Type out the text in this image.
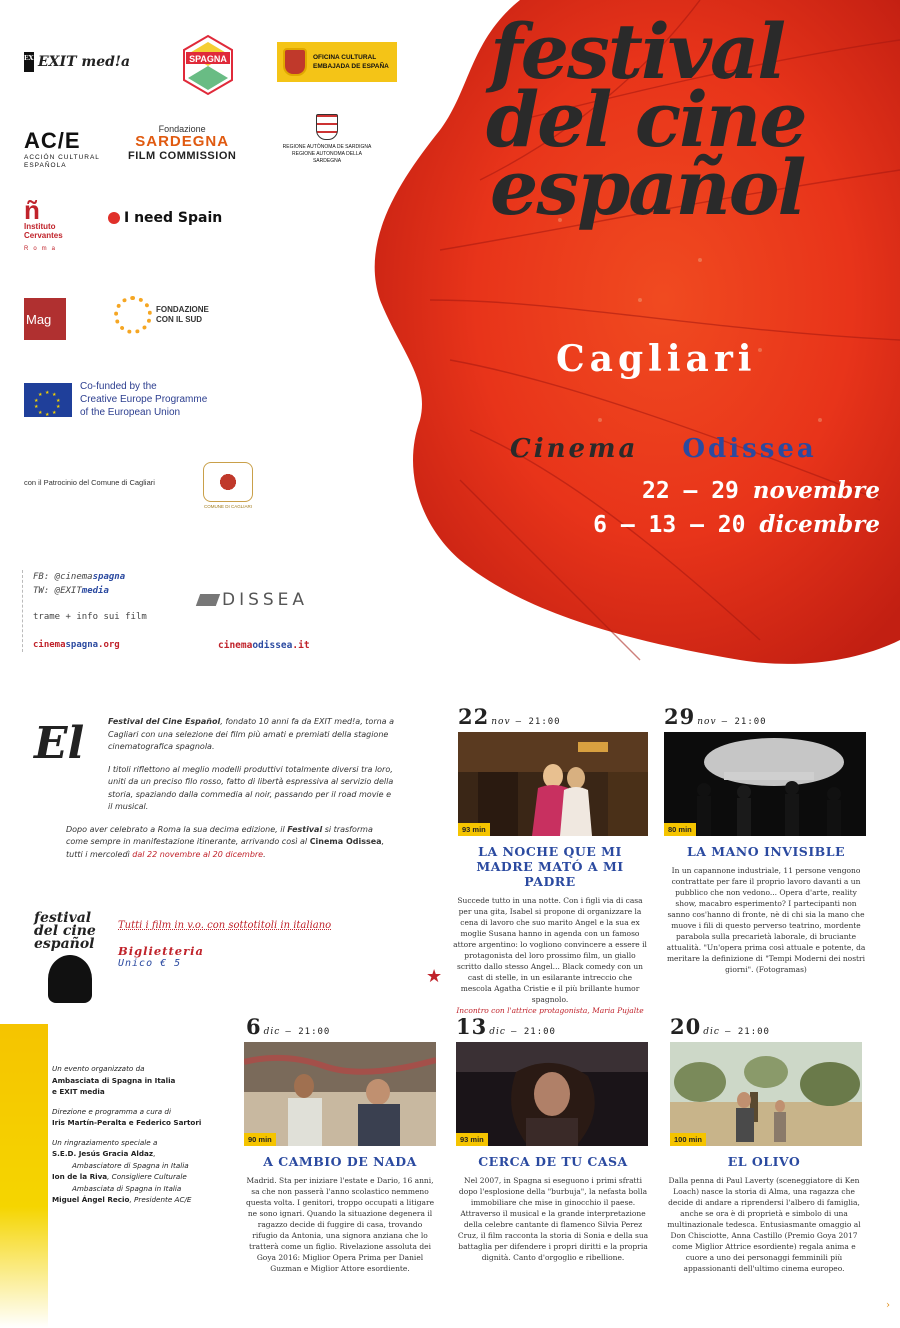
festival
del cine
español
Cagliari
Cinema Odissea
22 — 29 novembre
6 — 13 — 20 dicembre
EXIT
EXIT med!a	SPAGNA	OFICINA CULTURAL
EMBAJADA DE ESPAÑA
AC/E
ACCIÓN CULTURAL
ESPAÑOLA
Fondazione
SARDEGNA
FILM COMMISSION
REGIONE AUTÒNOMA DE SARDIGNA
REGIONE AUTONOMA DELLA SARDEGNA
ñ
Instituto
Cervantes
Roma
I need Spain
Mag
FONDAZIONE
CON IL SUD
★ ★
★
★
★
★
★
★
★
★
Co-funded by the
Creative Europe Programme
of the European Union
con il Patrocinio del Comune di Cagliari
COMUNE DI CAGLIARI
FB: @cinemaspagna
TW: @EXITmedia
trame + info sui film
cinemaspagna.org
DISSEA
cinemaodissea.it
El	Festival del Cine Español, fondato 10 anni fa da EXIT med!a, torna a Cagliari con una selezione dei film più amati e premiati della stagione cinematografica spagnola.

I titoli riflettono al meglio modelli produttivi totalmente diversi tra loro, uniti da un preciso filo rosso, fatto di libertà espressiva al servizio della storia, spaziando dalla commedia al noir, passando per il road movie e il musical.

Dopo aver celebrato a Roma la sua decima edizione, il Festival si trasforma come sempre in manifestazione itinerante, arrivando così al Cinema Odissea, tutti i mercoledì dal 22 novembre al 20 dicembre.

festival
del cine
español
Tutti i film in v.o. con sottotitoli in italiano
Biglietteria
Unico € 5
Un evento organizzato da
Ambasciata di Spagna in Italia
e EXIT media
Direzione e programma a cura di
Iris Martín-Peralta e Federico Sartori
Un ringraziamento speciale a
S.E.D. Jesús Gracia Aldaz,
Ambasciatore di Spagna in Italia
Ion de la Riva, Consigliere Culturale
Ambasciata di Spagna in Italia
Miguel Ángel Recio, Presidente AC/E
22 nov — 21:00
93 min
LA NOCHE QUE MI MADRE MATÓ A MI PADRE
Succede tutto in una notte. Con i figli via di casa per una gita, Isabel si propone di organizzare la cena di lavoro che suo marito Angel e la sua ex moglie Susana hanno in agenda con un famoso attore argentino: lo vogliono convincere a essere il protagonista del loro prossimo film, un giallo scritto dallo stesso Angel... Black comedy con un cast di stelle, in un esilarante intreccio che mescola Agatha Cristie e il più brillante humor spagnolo.
Incontro con l'attrice protagonista, Maria Pujalte
★
29 nov — 21:00
80 min
LA MANO INVISIBLE
In un capannone industriale, 11 persone vengono contrattate per fare il proprio lavoro davanti a un pubblico che non vedono... Opera d'arte, reality show, macabro esperimento? I partecipanti non sanno cos'hanno di fronte, nè di chi sia la mano che muove i fili di questo perverso teatrino, mordente parabola sulla precarietà laborale, di bruciante attualità. "Un'opera prima così attuale e potente, da meritare la definizione di "Tempi Moderni dei nostri giorni". (Fotogramas)
6 dic — 21:00
90 min
A CAMBIO DE NADA
Madrid. Sta per iniziare l'estate e Dario, 16 anni, sa che non passerà l'anno scolastico nemmeno questa volta. I genitori, troppo occupati a litigare ne sono ignari. Quando la situazione degenera il ragazzo decide di fuggire di casa, trovando rifugio da Antonia, una signora anziana che lo tratterà come un figlio. Rivelazione assoluta dei Goya 2016: Miglior Opera Prima per Daniel Guzman e Miglior Attore esordiente.
13 dic — 21:00
93 min
CERCA DE TU CASA
Nel 2007, in Spagna si eseguono i primi sfratti dopo l'esplosione della "burbuja", la nefasta bolla immobiliare che mise in ginocchio il paese. Attraverso il musical e la grande interpretazione della celebre cantante di flamenco Silvia Perez Cruz, il film racconta la storia di Sonia e della sua battaglia per difendere i propri diritti e la propria dignità. Canto d'orgoglio e ribellione.
20 dic — 21:00
100 min
EL OLIVO
Dalla penna di Paul Laverty (sceneggiatore di Ken Loach) nasce la storia di Alma, una ragazza che decide di andare a riprendersi l'albero di famiglia, anche se ora è di proprietà e simbolo di una multinazionale tedesca. Entusiasmante omaggio al Don Chisciotte, Anna Castillo (Premio Goya 2017 come Miglior Attrice esordiente) regala anima e cuore a uno dei personaggi femminili più appassionanti dell'ultimo cinema europeo.
›
